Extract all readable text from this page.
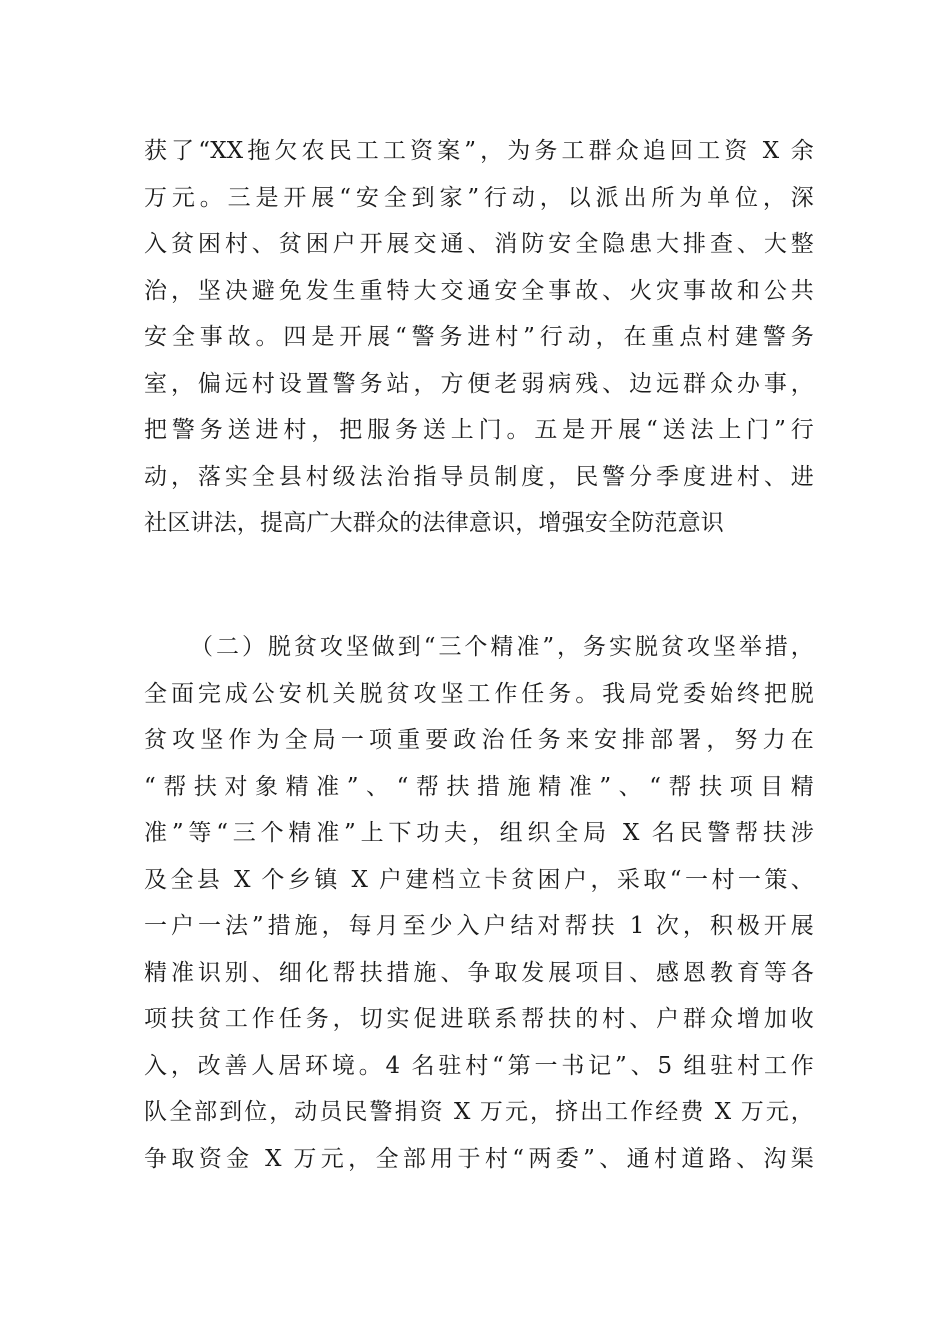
获了“XX拖欠农民工工资案”，为务工群众追回工资 X 余
万元。三是开展“安全到家”行动，以派出所为单位，深
入贫困村、贫困户开展交通、消防安全隐患大排查、大整
治，坚决避免发生重特大交通安全事故、火灾事故和公共
安全事故。四是开展“警务进村”行动，在重点村建警务
室，偏远村设置警务站，方便老弱病残、边远群众办事，
把警务送进村，把服务送上门。五是开展“送法上门”行
动，落实全县村级法治指导员制度，民警分季度进村、进
社区讲法，提高广大群众的法律意识，增强安全防范意识
（二）脱贫攻坚做到“三个精准”，务实脱贫攻坚举措，
全面完成公安机关脱贫攻坚工作任务。我局党委始终把脱
贫攻坚作为全局一项重要政治任务来安排部署，努力在
“帮扶对象精准”、“帮扶措施精准”、“帮扶项目精
准”等“三个精准”上下功夫，组织全局 X 名民警帮扶涉
及全县 X 个乡镇 X 户建档立卡贫困户，采取“一村一策、
一户一法”措施，每月至少入户结对帮扶 1 次，积极开展
精准识别、细化帮扶措施、争取发展项目、感恩教育等各
项扶贫工作任务，切实促进联系帮扶的村、户群众增加收
入，改善人居环境。4 名驻村“第一书记”、5 组驻村工作
队全部到位，动员民警捐资 X 万元，挤出工作经费 X 万元，
争取资金 X 万元，全部用于村“两委”、通村道路、沟渠
